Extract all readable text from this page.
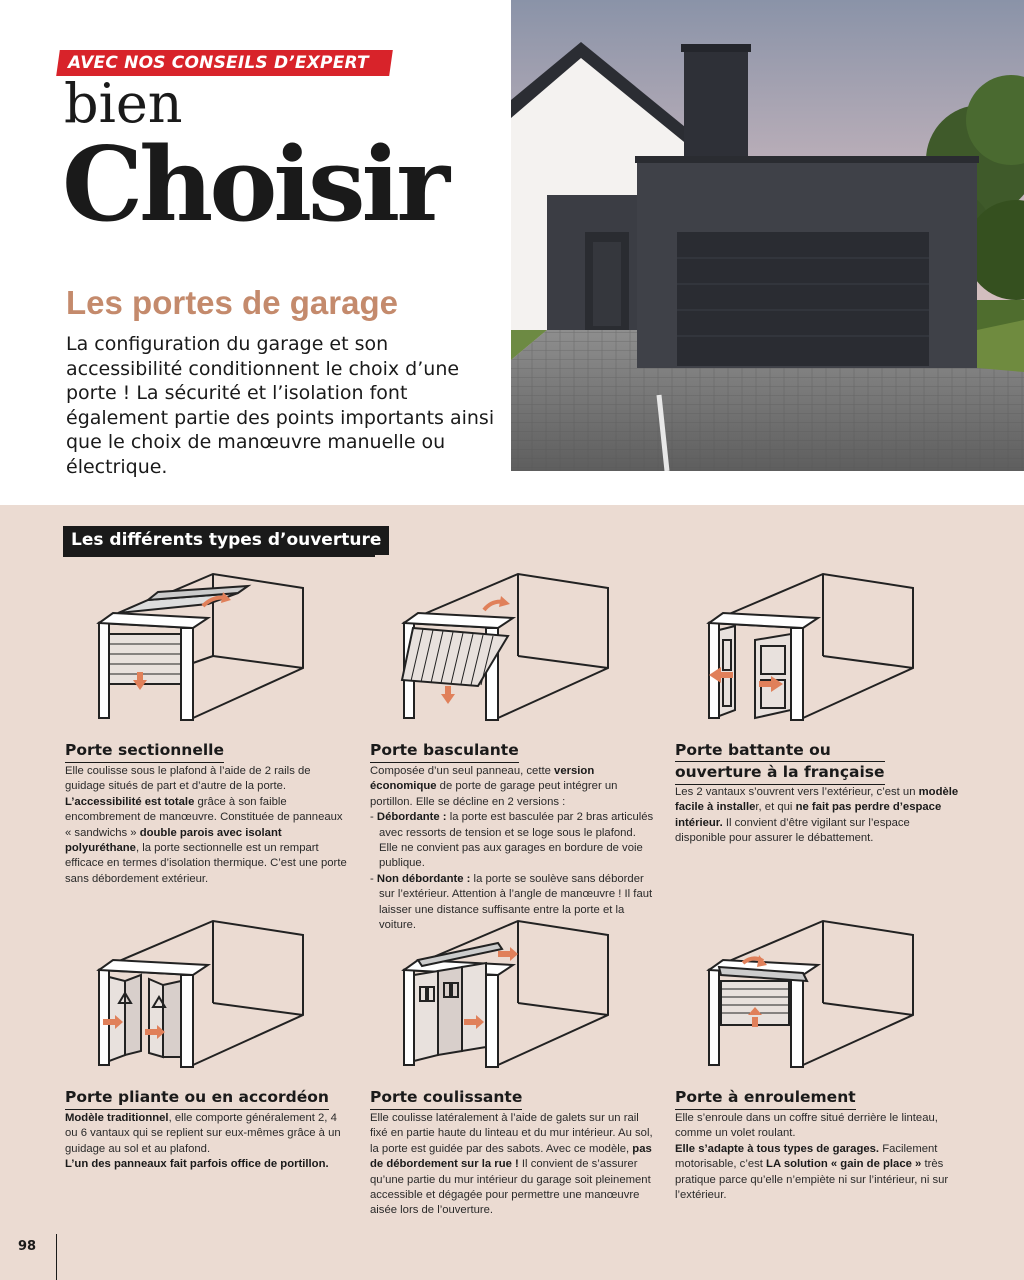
AVEC NOS CONSEILS D’EXPERT
bien
Choisir
Les portes de garage

La configuration du garage et son accessibilité conditionnent le choix d’une porte ! La sécurité et l’isolation font également partie des points importants ainsi que le choix de manœuvre manuelle ou électrique.

Les différents types d’ouverture
Porte sectionnelle

Elle coulisse sous le plafond à l’aide de 2 rails de guidage situés de part et d’autre de la porte. L’accessibilité est totale grâce à son faible encombrement de manœuvre. Constituée de panneaux « sandwichs » double parois avec isolant polyuréthane, la porte sectionnelle est un rempart efficace en termes d’isolation thermique. C’est une porte sans débordement extérieur.

Porte basculante

Composée d’un seul panneau, cette version économique de porte de garage peut intégrer un portillon. Elle se décline en 2 versions :

- Débordante : la porte est basculée par 2 bras articulés avec ressorts de tension et se loge sous le plafond. Elle ne convient pas aux garages en bordure de voie publique.

- Non débordante : la porte se soulève sans déborder sur l’extérieur. Attention à l’angle de manœuvre ! Il faut laisser une distance suffisante entre la porte et la voiture.

Porte battante ou
ouverture à la française

Les 2 vantaux s’ouvrent vers l’extérieur, c’est un modèle facile à installer, et qui ne fait pas perdre d’espace intérieur. Il convient d’être vigilant sur l’espace disponible pour assurer le débattement.

Porte pliante ou en accordéon

Modèle traditionnel, elle comporte généralement 2, 4 ou 6 vantaux qui se replient sur eux-mêmes grâce à un guidage au sol et au plafond.

L’un des panneaux fait parfois office de portillon.

Porte coulissante

Elle coulisse latéralement à l’aide de galets sur un rail fixé en partie haute du linteau et du mur intérieur. Au sol, la porte est guidée par des sabots. Avec ce modèle, pas de débordement sur la rue ! Il convient de s’assurer qu’une partie du mur intérieur du garage soit pleinement accessible et dégagée pour permettre une manœuvre aisée lors de l’ouverture.

Porte à enroulement

Elle s’enroule dans un coffre situé derrière le linteau, comme un volet roulant.

Elle s’adapte à tous types de garages. Facilement motorisable, c’est LA solution « gain de place » très pratique parce qu’elle n’empiète ni sur l’intérieur, ni sur l’extérieur.

98
